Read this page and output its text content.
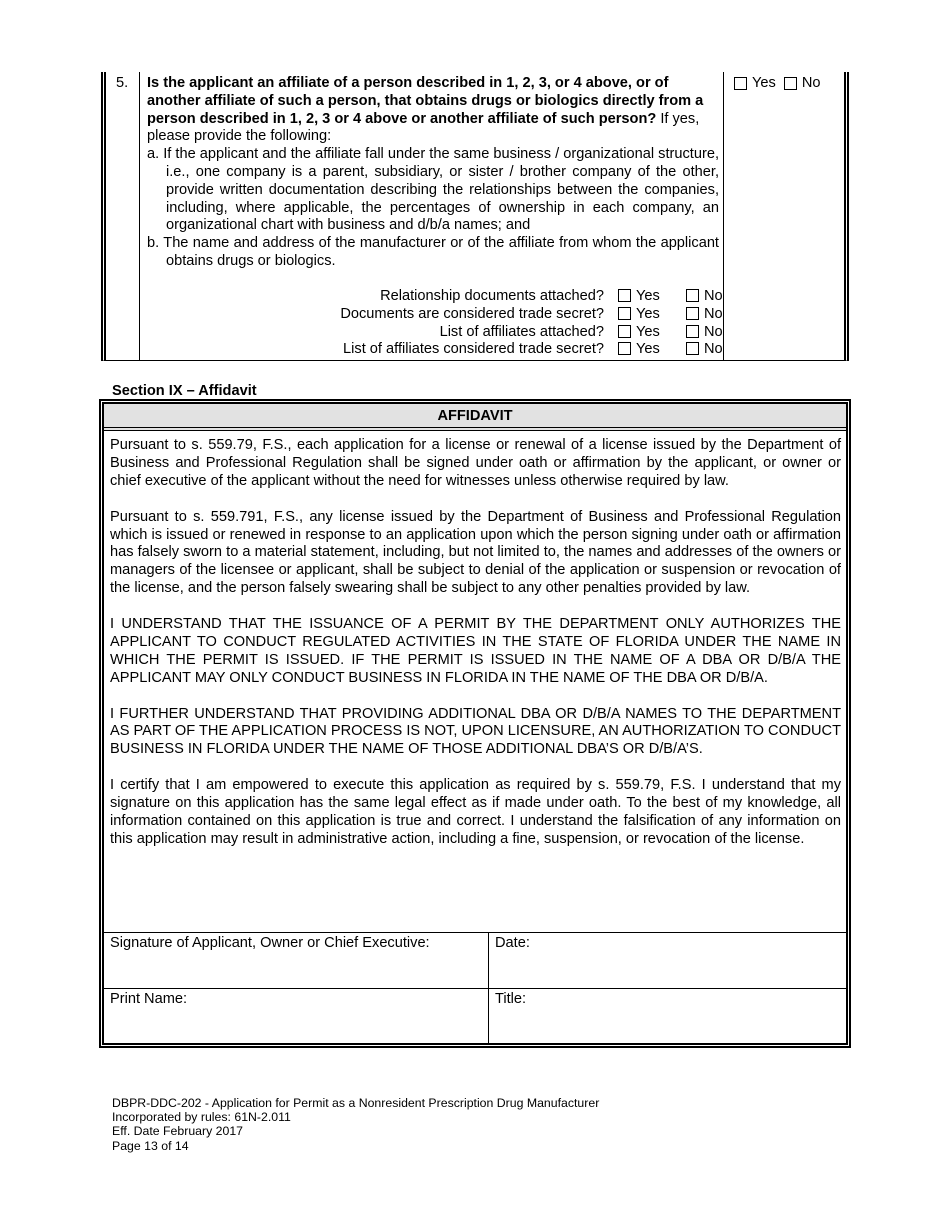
5. Is the applicant an affiliate of a person described in 1, 2, 3, or 4 above, or of another affiliate of such a person, that obtains drugs or biologics directly from a person described in 1, 2, 3 or 4 above or another affiliate of such person? If yes, please provide the following:
a. If the applicant and the affiliate fall under the same business / organizational structure, i.e., one company is a parent, subsidiary, or sister / brother company of the other, provide written documentation describing the relationships between the companies, including, where applicable, the percentages of ownership in each company, an organizational chart with business and d/b/a names; and
b. The name and address of the manufacturer or of the affiliate from whom the applicant obtains drugs or biologics.
Relationship documents attached?	Yes	No
Documents are considered trade secret?	Yes	No
List of affiliates attached?	Yes	No
List of affiliates considered trade secret?	Yes	No
Yes No
Section IX – Affidavit
AFFIDAVIT

Pursuant to s. 559.79, F.S., each application for a license or renewal of a license issued by the Department of Business and Professional Regulation shall be signed under oath or affirmation by the applicant, or owner or chief executive of the applicant without the need for witnesses unless otherwise required by law.

Pursuant to s. 559.791, F.S., any license issued by the Department of Business and Professional Regulation which is issued or renewed in response to an application upon which the person signing under oath or affirmation has falsely sworn to a material statement, including, but not limited to, the names and addresses of the owners or managers of the licensee or applicant, shall be subject to denial of the application or suspension or revocation of the license, and the person falsely swearing shall be subject to any other penalties provided by law.

I UNDERSTAND THAT THE ISSUANCE OF A PERMIT BY THE DEPARTMENT ONLY AUTHORIZES THE APPLICANT TO CONDUCT REGULATED ACTIVITIES IN THE STATE OF FLORIDA UNDER THE NAME IN WHICH THE PERMIT IS ISSUED. IF THE PERMIT IS ISSUED IN THE NAME OF A DBA OR D/B/A THE APPLICANT MAY ONLY CONDUCT BUSINESS IN FLORIDA IN THE NAME OF THE DBA OR D/B/A.

I FURTHER UNDERSTAND THAT PROVIDING ADDITIONAL DBA OR D/B/A NAMES TO THE DEPARTMENT AS PART OF THE APPLICATION PROCESS IS NOT, UPON LICENSURE, AN AUTHORIZATION TO CONDUCT BUSINESS IN FLORIDA UNDER THE NAME OF THOSE ADDITIONAL DBA’S OR D/B/A’S.

I certify that I am empowered to execute this application as required by s. 559.79, F.S. I understand that my signature on this application has the same legal effect as if made under oath. To the best of my knowledge, all information contained on this application is true and correct. I understand the falsification of any information on this application may result in administrative action, including a fine, suspension, or revocation of the license.

Signature of Applicant, Owner or Chief Executive:	Date:
Print Name:	Title:
DBPR-DDC-202 - Application for Permit as a Nonresident Prescription Drug Manufacturer
Incorporated by rules: 61N-2.011
Eff. Date February 2017
Page 13 of 14
